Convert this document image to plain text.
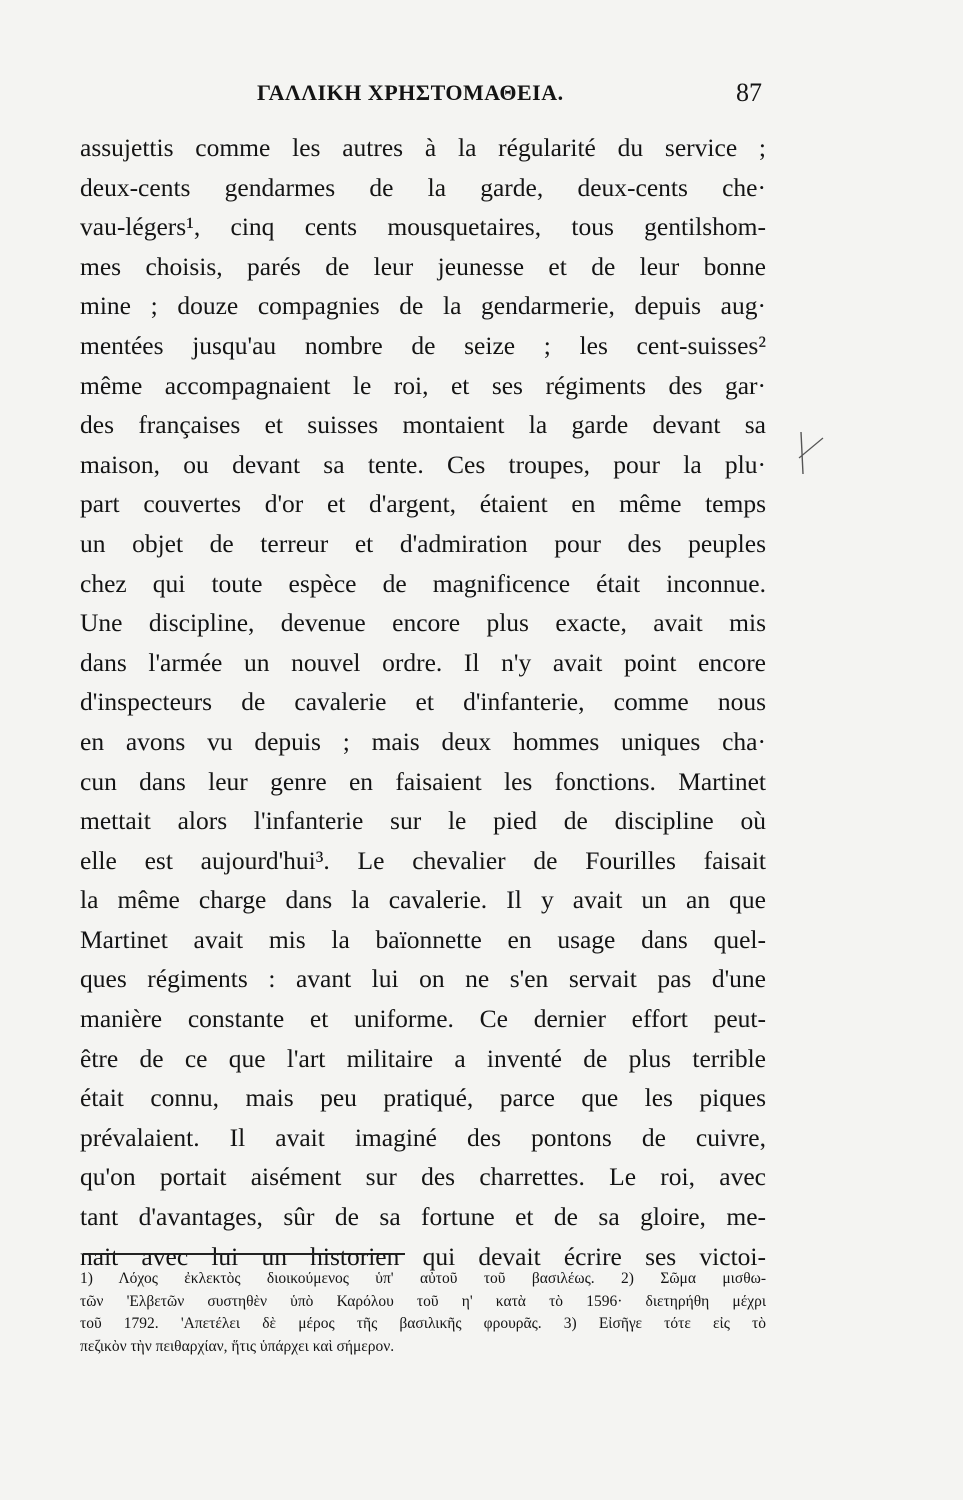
ΓΑΛΛΙΚΗ ΧΡΗΣΤΟΜΑΘΕΙΑ.	87
assujettis comme les autres à la régularité du service ;
deux-cents gendarmes de la garde, deux-cents che·
vau-légers¹, cinq cents mousquetaires, tous gentilshom-
mes choisis, parés de leur jeunesse et de leur bonne
mine ; douze compagnies de la gendarmerie, depuis aug·
mentées jusqu'au nombre de seize ; les cent-suisses²
même accompagnaient le roi, et ses régiments des gar·
des françaises et suisses montaient la garde devant sa
maison, ou devant sa tente. Ces troupes, pour la plu·
part couvertes d'or et d'argent, étaient en même temps
un objet de terreur et d'admiration pour des peuples
chez qui toute espèce de magnificence était inconnue.
Une discipline, devenue encore plus exacte, avait mis
dans l'armée un nouvel ordre. Il n'y avait point encore
d'inspecteurs de cavalerie et d'infanterie, comme nous
en avons vu depuis ; mais deux hommes uniques cha·
cun dans leur genre en faisaient les fonctions. Martinet
mettait alors l'infanterie sur le pied de discipline où
elle est aujourd'hui³. Le chevalier de Fourilles faisait
la même charge dans la cavalerie. Il y avait un an que
Martinet avait mis la baïonnette en usage dans quel-
ques régiments : avant lui on ne s'en servait pas d'une
manière constante et uniforme. Ce dernier effort peut-
être de ce que l'art militaire a inventé de plus terrible
était connu, mais peu pratiqué, parce que les piques
prévalaient. Il avait imaginé des pontons de cuivre,
qu'on portait aisément sur des charrettes. Le roi, avec
tant d'avantages, sûr de sa fortune et de sa gloire, me-
nait avec lui un historien qui devait écrire ses victoi-
1) Λόχος ἐκλεκτὸς διοικούμενος ὑπ' αὐτοῦ τοῦ βασιλέως. 2) Σῶμα μισθω-
τῶν 'Ελβετῶν συστηθὲν ὑπὸ Καρόλου τοῦ η' κατὰ τὸ 1596· διετηρήθη μέχρι
τοῦ 1792. 'Απετέλει δὲ μέρος τῆς βασιλικῆς φρουρᾶς. 3) Εἰσῆγε τότε εἰς τὸ
πεζικὸν τὴν πειθαρχίαν, ἥτις ὑπάρχει καὶ σήμερον.
